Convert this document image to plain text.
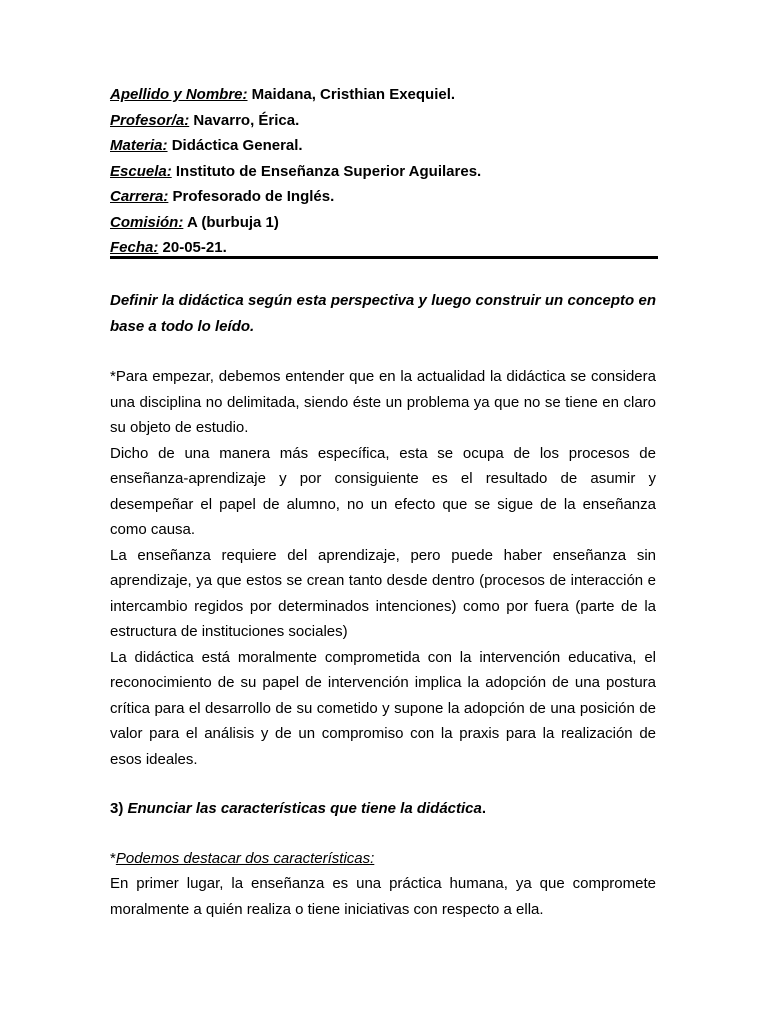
Apellido y Nombre: Maidana, Cristhian Exequiel.
Profesor/a: Navarro, Érica.
Materia: Didáctica General.
Escuela: Instituto de Enseñanza Superior Aguilares.
Carrera: Profesorado de Inglés.
Comisión: A (burbuja 1)
Fecha: 20-05-21.

Definir la didáctica según esta perspectiva y luego construir un concepto en base a todo lo leído.

*Para empezar, debemos entender que en la actualidad la didáctica se considera una disciplina no delimitada, siendo éste un problema ya que no se tiene en claro su objeto de estudio.

Dicho de una manera más específica, esta se ocupa de los procesos de enseñanza-aprendizaje y por consiguiente es el resultado de asumir y desempeñar el papel de alumno, no un efecto que se sigue de la enseñanza como causa.

La enseñanza requiere del aprendizaje, pero puede haber enseñanza sin aprendizaje, ya que estos se crean tanto desde dentro (procesos de interacción e intercambio regidos por determinados intenciones) como por fuera (parte de la estructura de instituciones sociales)

La didáctica está moralmente comprometida con la intervención educativa, el reconocimiento de su papel de intervención implica la adopción de una postura crítica para el desarrollo de su cometido y supone la adopción de una posición de valor para el análisis y de un compromiso con la praxis para la realización de esos ideales.

3) Enunciar las características que tiene la didáctica.

*Podemos destacar dos características:

En primer lugar, la enseñanza es una práctica humana, ya que compromete moralmente a quién realiza o tiene iniciativas con respecto a ella.
